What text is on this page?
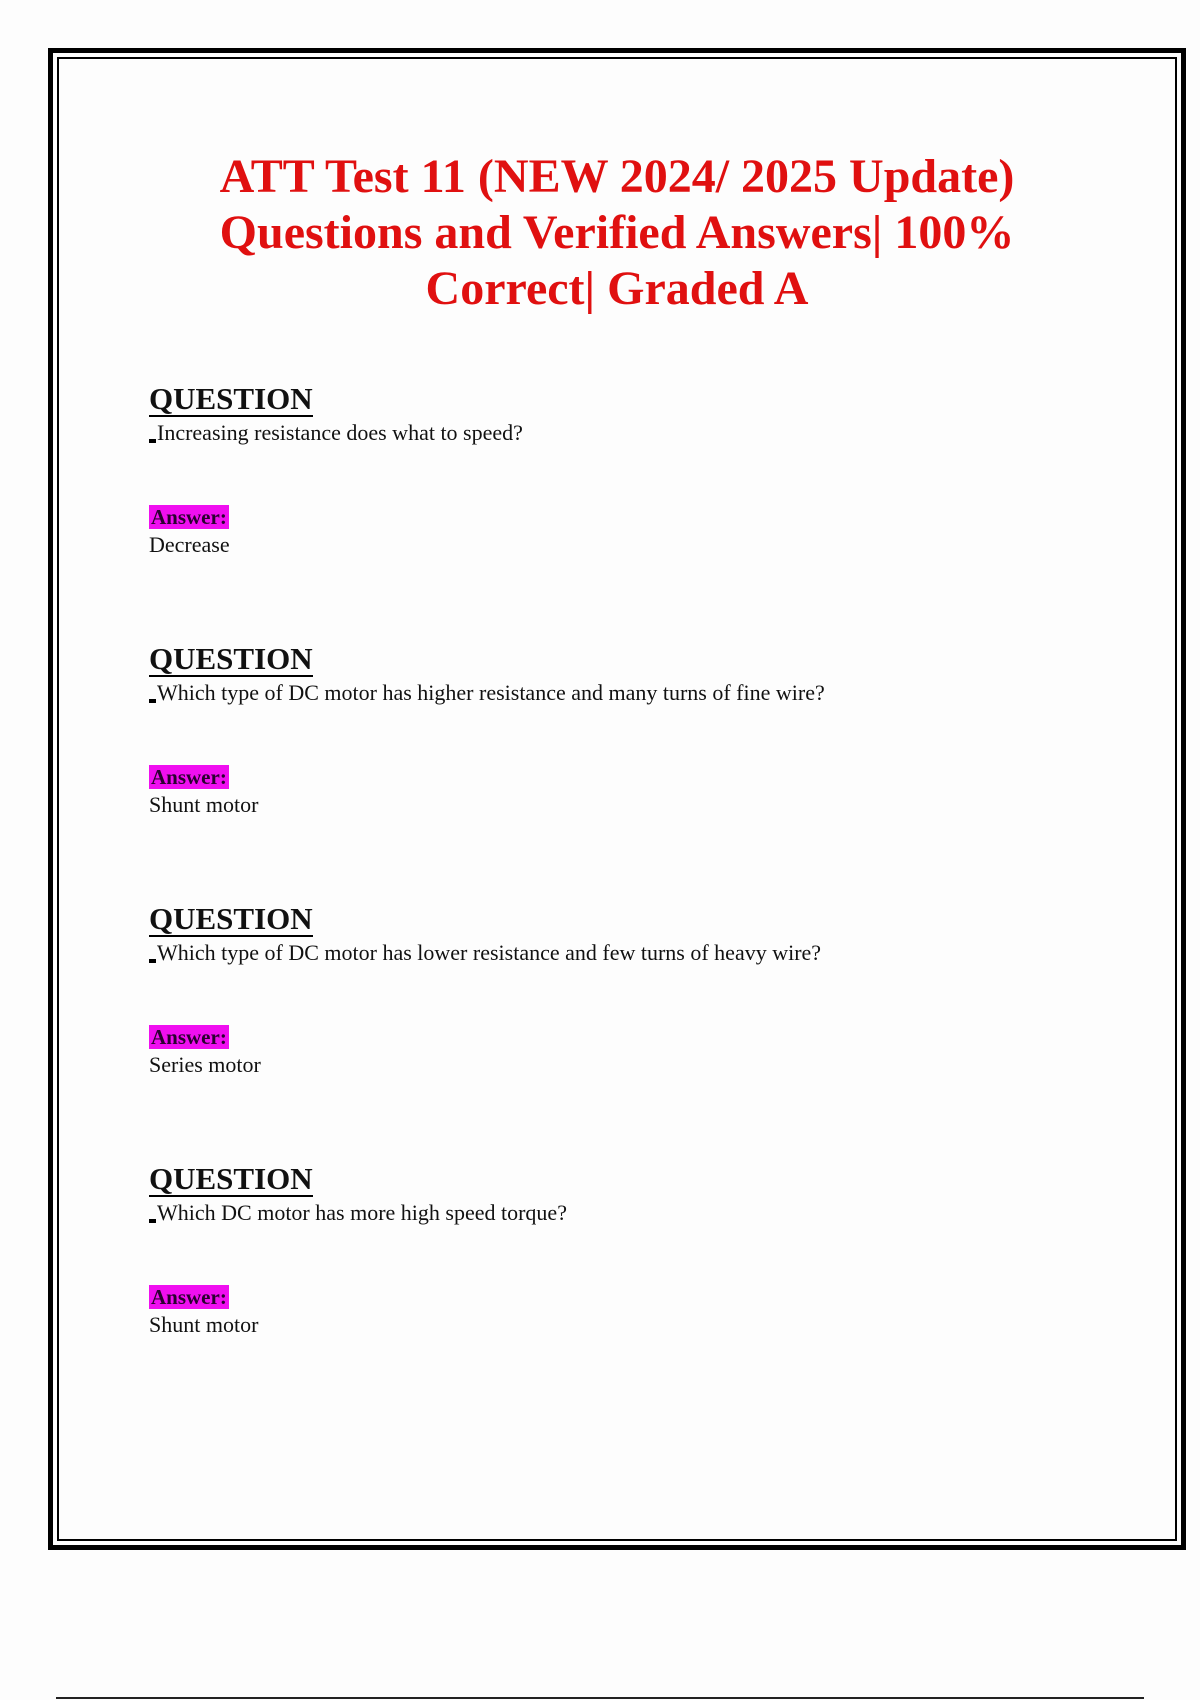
ATT Test 11 (NEW 2024/ 2025 Update)
Questions and Verified Answers| 100%
Correct| Graded A
QUESTION
Increasing resistance does what to speed?
Answer:
Decrease
QUESTION
Which type of DC motor has higher resistance and many turns of fine wire?
Answer:
Shunt motor
QUESTION
Which type of DC motor has lower resistance and few turns of heavy wire?
Answer:
Series motor
QUESTION
Which DC motor has more high speed torque?
Answer:
Shunt motor
